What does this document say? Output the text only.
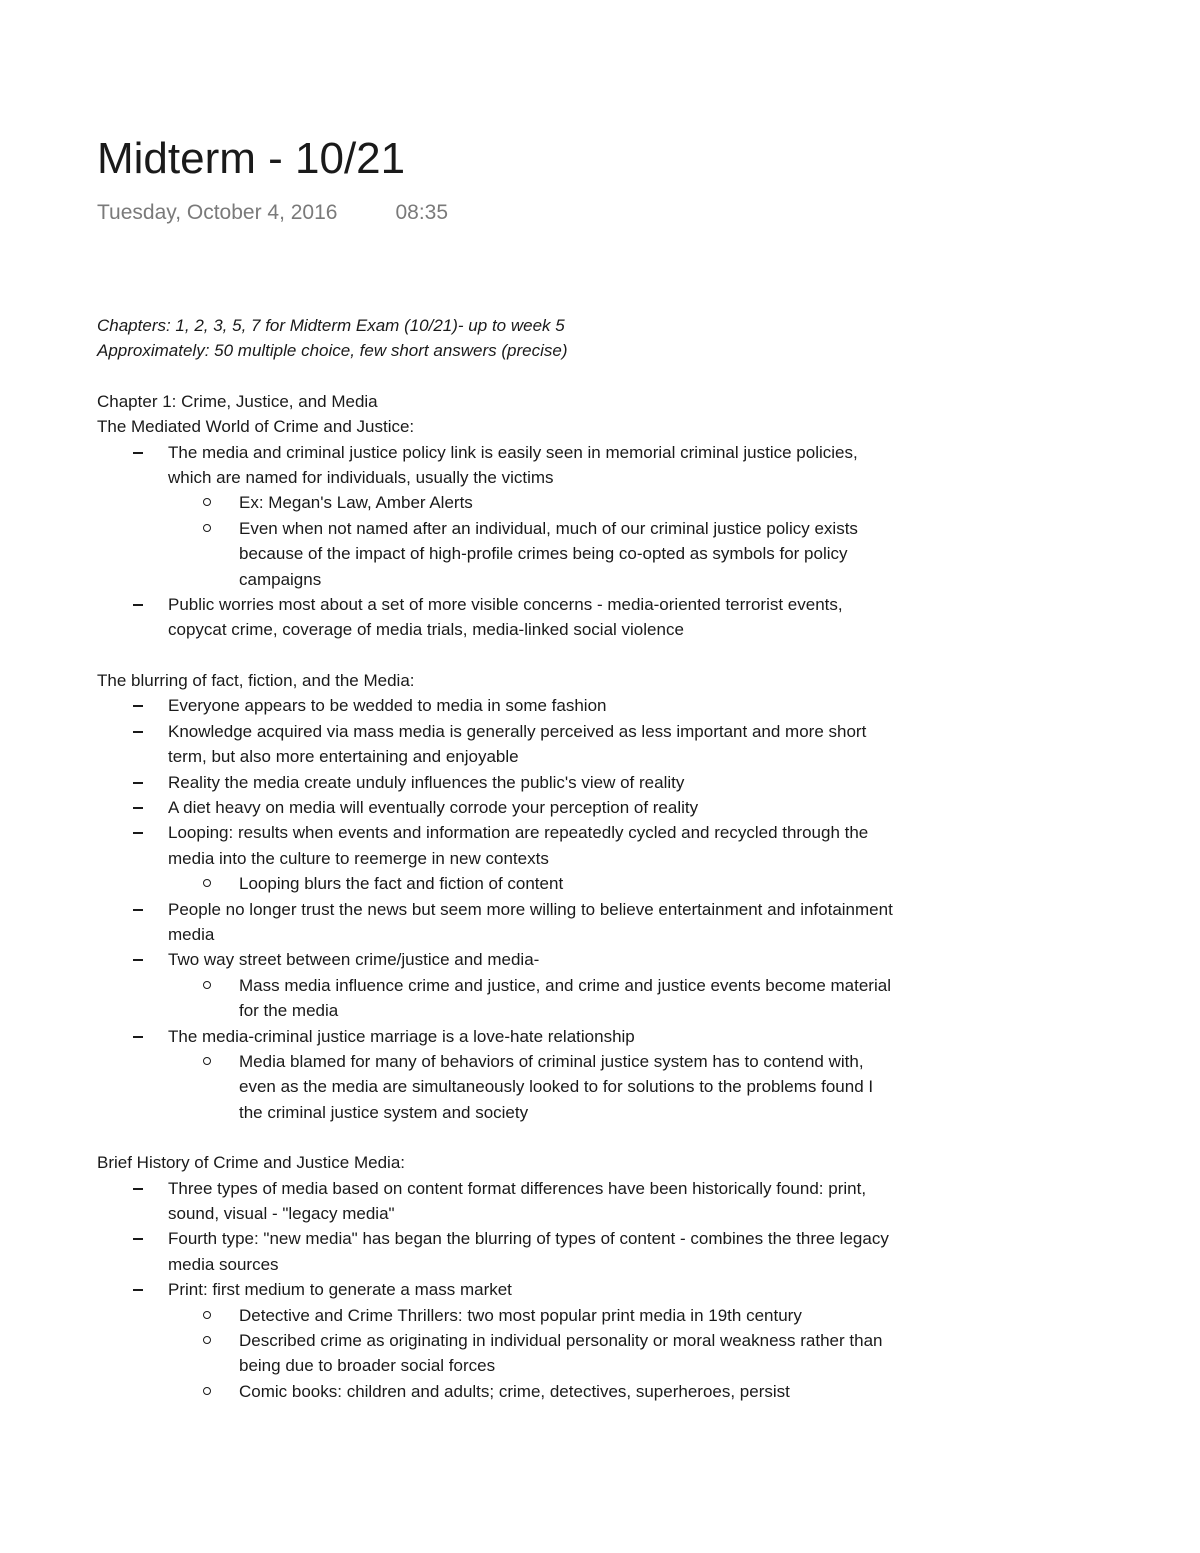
Midterm - 10/21
Tuesday, October 4, 2016	08:35

Chapters: 1, 2, 3, 5, 7 for Midterm Exam (10/21)- up to week 5

Approximately: 50 multiple choice, few short answers (precise)

Chapter 1: Crime, Justice, and Media

The Mediated World of Crime and Justice:

The media and criminal justice policy link is easily seen in memorial criminal justice policies, which are named for individuals, usually the victims
Ex: Megan's Law, Amber Alerts
Even when not named after an individual, much of our criminal justice policy exists because of the impact of high-profile crimes being co-opted as symbols for policy campaigns
Public worries most about a set of more visible concerns - media-oriented terrorist events, copycat crime, coverage of media trials, media-linked social violence

The blurring of fact, fiction, and the Media:

Everyone appears to be wedded to media in some fashion
Knowledge acquired via mass media is generally perceived as less important and more short term, but also more entertaining and enjoyable
Reality the media create unduly influences the public's view of reality
A diet heavy on media will eventually corrode your perception of reality
Looping: results when events and information are repeatedly cycled and recycled through the media into the culture to reemerge in new contexts
Looping blurs the fact and fiction of content
People no longer trust the news but seem more willing to believe entertainment and infotainment media
Two way street between crime/justice and media-
Mass media influence crime and justice, and crime and justice events become material for the media
The media-criminal justice marriage is a love-hate relationship
Media blamed for many of behaviors of criminal justice system has to contend with, even as the media are simultaneously looked to for solutions to the problems found I the criminal justice system and society

Brief History of Crime and Justice Media:

Three types of media based on content format differences have been historically found: print, sound, visual - "legacy media"
Fourth type: "new media" has began the blurring of types of content - combines the three legacy media sources
Print: first medium to generate a mass market
Detective and Crime Thrillers: two most popular print media in 19th century
Described crime as originating in individual personality or moral weakness rather than being due to broader social forces
Comic books: children and adults; crime, detectives, superheroes, persist
